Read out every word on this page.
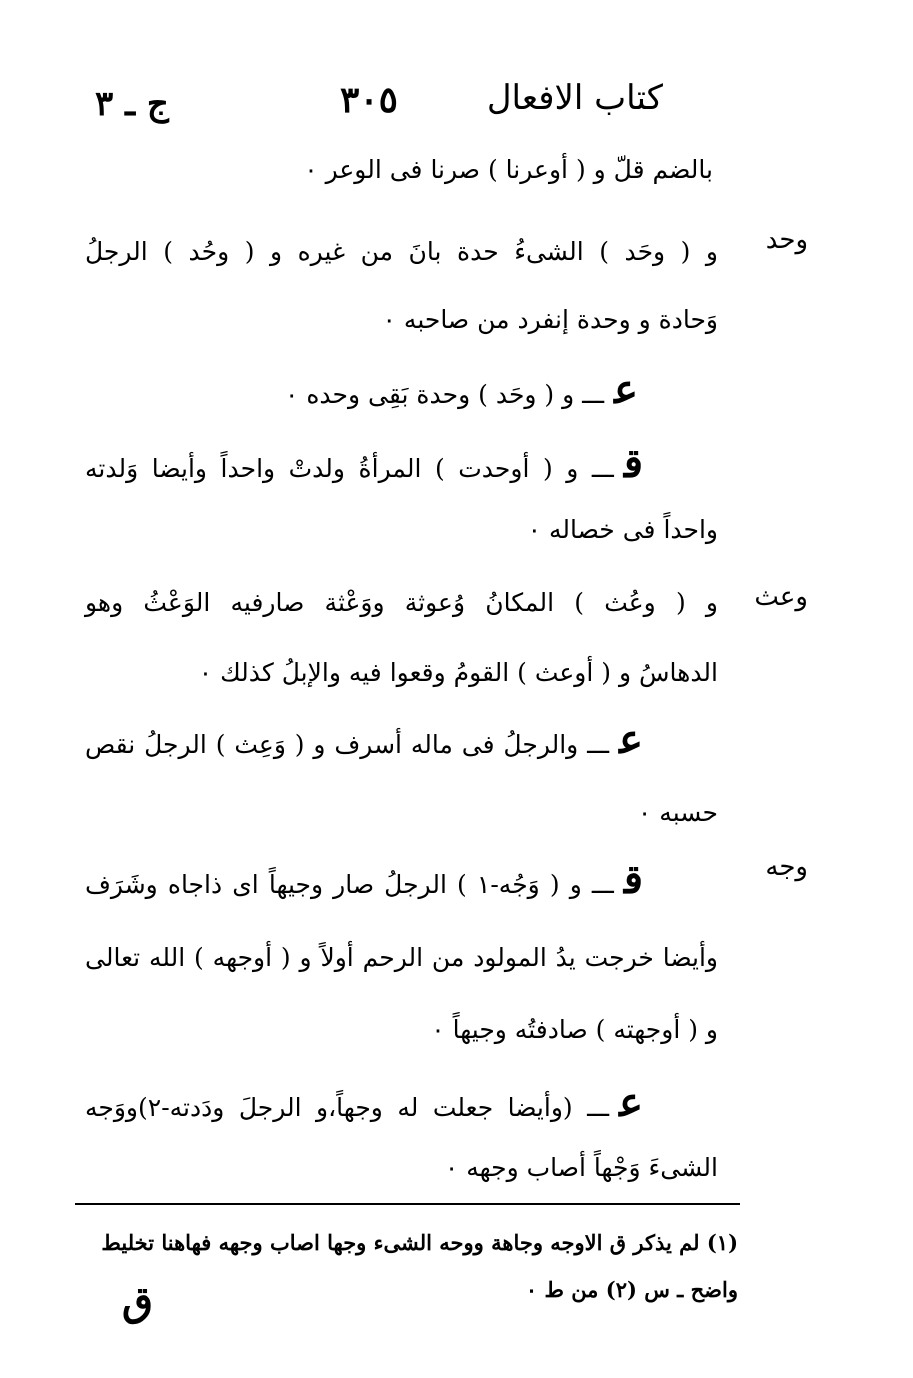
كتاب الافعال
٣٠٥
ج ـ ٣
وحد
وعث
وجه
بالضم قلّ و ( أوعرنا ) صرنا فى الوعر ٠
و ( وحَد ) الشىءُ حدة بانَ من غيره و ( وحُد ) الرجلُ
وَحادة و وحدة إنفرد من صاحبه ٠
عـــ و ( وحَد ) وحدة بَقِى وحده ٠
قـــ و ( أوحدت ) المرأةُ ولدتْ واحداً وأيضا وَلدته
واحداً فى خصاله ٠
و ( وعُث ) المكانُ وُعوثة ووَعْثة صارفيه الوَعْثُ وهو
الدهاسُ و ( أوعث ) القومُ وقعوا فيه والإبلُ كذلك ٠
عـــ والرجلُ فى ماله أسرف و ( وَعِث ) الرجلُ نقص
حسبه ٠
قـــ و ( وَجُه-١ ) الرجلُ صار وجيهاً اى ذاجاه وشَرَف
وأيضا خرجت يدُ المولود من الرحم أولاً و ( أوجهه ) الله تعالى
و ( أوجهته ) صادفتُه وجيهاً ٠
عـــ (وأيضا جعلت له وجهاً،و الرجلَ ودَدته-٢)ووَجه
الشىءَ وَجْهاً أصاب وجهه ٠
(١) لم يذكر ق الاوجه وجاهة ووحه الشىء وجها اصاب وجهه فهاهنا تخليط
واضح ـ س (٢) من ط ٠
ق
